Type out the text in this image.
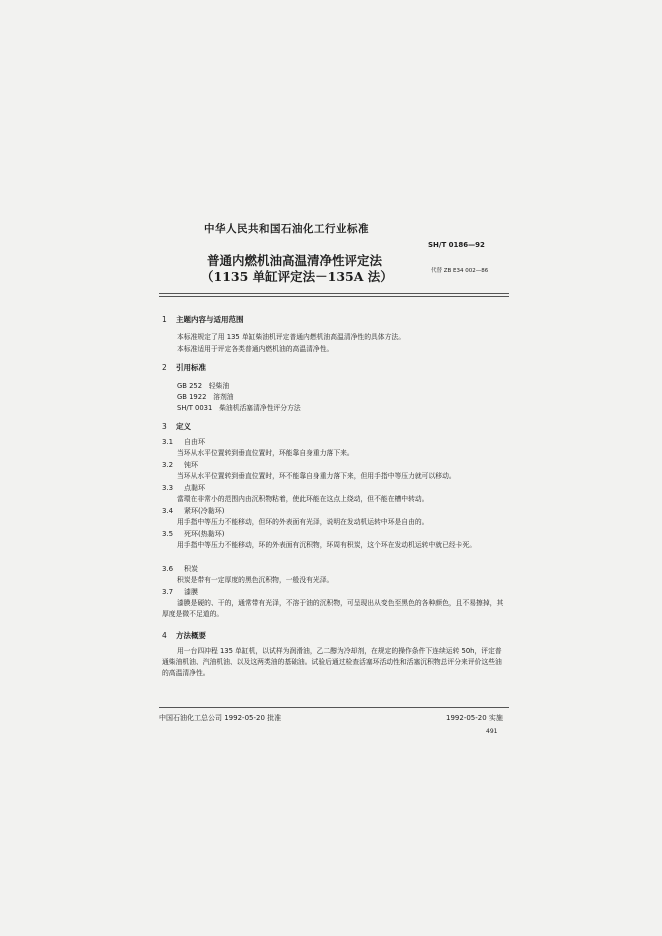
中华人民共和国石油化工行业标准
SH/T 0186—92
普通内燃机油高温清净性评定法
（1135 单缸评定法－135A 法）	代替 ZB E34 002—86
1 主题内容与适用范围
本标准规定了用 135 单缸柴油机评定普通内燃机油高温清净性的具体方法。
本标准适用于评定各类普通内燃机油的高温清净性。
2 引用标准
GB 252　轻柴油
GB 1922　溶剂油
SH/T 0031　柴油机活塞清净性评分方法
3 定义
3.1 自由环
当环从水平位置转到垂直位置时，环能靠自身重力落下来。
3.2 钝环
当环从水平位置转到垂直位置时，环不能靠自身重力落下来，但用手指中等压力就可以移动。
3.3 点黏环
當環在非常小的范围内由沉积物粘着，使此环能在这点上绕动，但不能在槽中转动。
3.4 紧环(冷黏环)
用手指中等压力不能移动，但环的外表面有光泽，说明在发动机运转中环是自由的。
3.5 死环(热黏环)
用手指中等压力不能移动，环的外表面有沉积物，环周有积炭，这个环在发动机运转中就已经卡死。
3.6 积炭
积炭是带有一定厚度的黑色沉积物，一般没有光泽。
3.7 漆膜
漆膜是硬的、干的，通常带有光泽，不溶于油的沉积物，可呈现出从变色至黑色的各种颜色，且不易擦掉，其厚度是微不足道的。
4 方法概要
用一台四冲程 135 单缸机，以试样为润滑油，乙二醇为冷却剂，在规定的操作条件下连续运转 50h，评定普通柴油机油、汽油机油、以及这两类油的基础油。试验后通过检查活塞环活动性和活塞沉积物总评分来评价这些油的高温清净性。
中国石油化工总公司 1992-05-20 批准	1992-05-20 实施
491
